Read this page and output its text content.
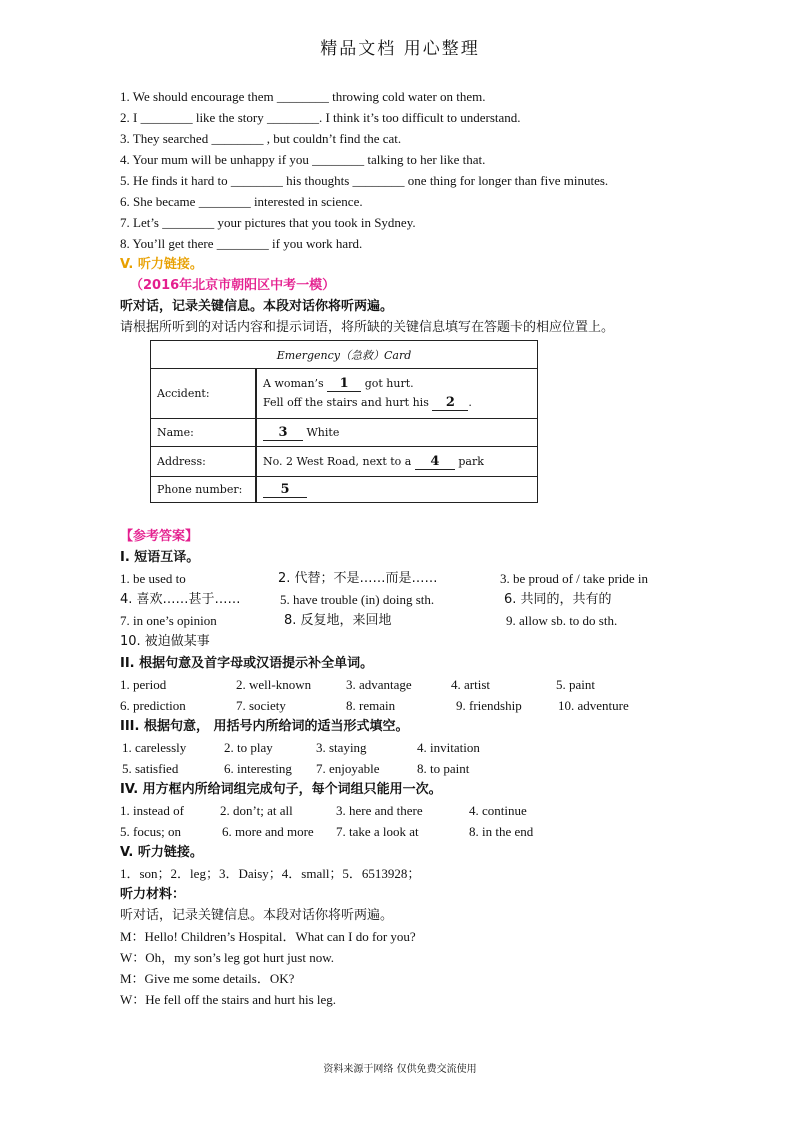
精品文档 用心整理
1. We should encourage them ________ throwing cold water on them.
2. I ________ like the story ________. I think it’s too difficult to understand.
3. They searched ________ , but couldn’t find the cat.
4. Your mum will be unhappy if you ________ talking to her like that.
5. He finds it hard to ________ his thoughts ________ one thing for longer than five minutes.
6. She became ________ interested in science.
7. Let’s ________ your pictures that you took in Sydney.
8. You’ll get there ________ if you work hard.
V. 听力链接。
（2016年北京市朝阳区中考一模）
听对话，记录关键信息。本段对话你将听两遍。
请根据所听到的对话内容和提示词语，将所缺的关键信息填写在答题卡的相应位置上。
Emergency（急救）Card	
Accident:	A woman’s 1 got hurt.
Fell off the stairs and hurt his 2 .

Name:	3 White
Address:	No. 2 West Road, next to a 4 park
Phone number:	5
【参考答案】
I. 短语互译。
1. be used to	2. 代替；不是……而是……	3. be proud of / take pride in
4. 喜欢……甚于……	5. have trouble (in) doing sth.	6. 共同的，共有的
7. in one’s opinion	8. 反复地，来回地	9. allow sb. to do sth.
10. 被迫做某事
II. 根据句意及首字母或汉语提示补全单词。
1. period	2. well-known	3. advantage	4. artist	5. paint
6. prediction	7. society	8. remain	9. friendship	10. adventure
III. 根据句意， 用括号内所给词的适当形式填空。
1. carelessly	2. to play	3. staying	4. invitation
5. satisfied	6. interesting 7. enjoyable	8. to paint
IV. 用方框内所给词组完成句子，每个词组只能用一次。
1. instead of	2. don’t; at all	3. here and there	4. continue
5. focus; on	6. more and more 7. take a look at	8. in the end
V. 听力链接。
1．son；2．leg；3．Daisy；4．small；5．6513928；
听力材料：
听对话，记录关键信息。本段对话你将听两遍。
M：Hello! Children’s Hospital．What can I do for you?
W：Oh，my son’s leg got hurt just now.
M：Give me some details．OK?
W：He fell off the stairs and hurt his leg.
资料来源于网络 仅供免费交流使用
